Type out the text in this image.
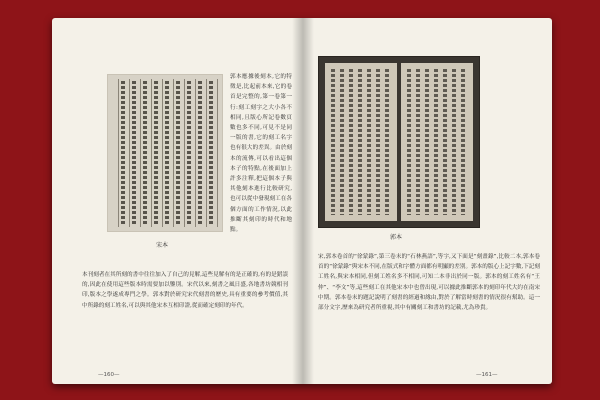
宋本

郭本應據後刻本,它的特徵是,比起前本來,它的卷首是完整的,第一卷第一行:刻工刻字之大小各不相同,且版心所記卷數頁數也多不同,可見不是同一版的書,它的刻工名字也有很大的差異。由於刻本的流傳,可以看出這個本子的特點,在後面加上許多注釋,把這個本子與其他刻本進行比較研究,也可以從中發現刻工在各個方面的工作情況,以此推斷其刻印的時代和地點。

本刊刻者在其所刻的書中往往加入了自己的見解,這些見解有的是正確的,有的是錯誤的,因此在使用這些版本時需要加以鑒別。宋代以來,刻書之風日盛,各地書坊競相刊印,版本之學遂成專門之學。郭本對於研究宋代刻書的歷史,具有重要的參考價值,其中所錄的刻工姓名,可以與其他宋本互相印證,從而確定刻印的年代。

—160—
郭本

宋,郭本卷首的“徐蒙錄”,第三卷末的“石林燕語”,等字,又下面是“刻畫錄”,比較二本,郭本卷首的“徐蒙錄”與宋本不同,在版式和字體方面都有明顯的差別。郭本的版心上記字數,下記刻工姓名,與宋本相同,但刻工姓名多不相同,可知二本非出於同一版。郭本的刻工姓名有“王仲”、“李文”等,這些刻工在其他宋本中也曾出現,可以據此推斷郭本的刻印年代大約在南宋中期。郭本卷末的題記說明了刻書的經過和緣由,對於了解當時刻書的情況很有幫助。這一部分文字,歷來為研究者所重視,其中有關刻工和書坊的記載,尤為珍貴。

—161—
